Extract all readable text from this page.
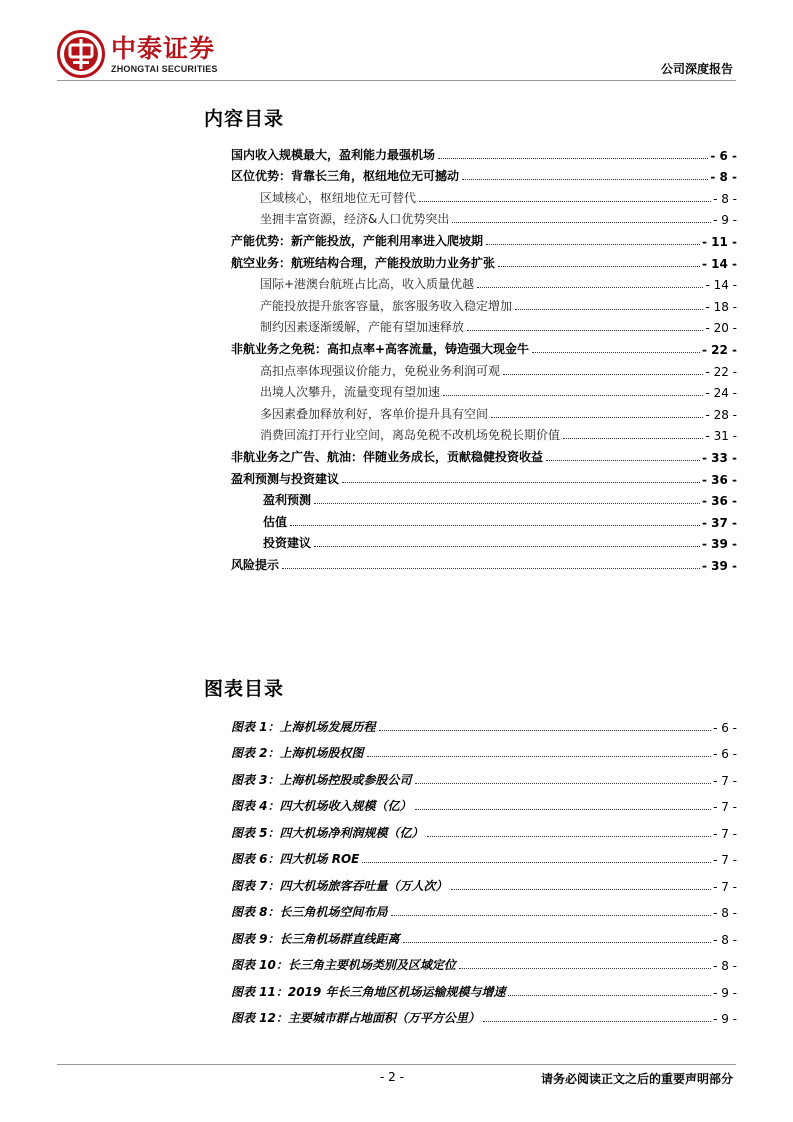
中泰证券
ZHONGTAI SECURITIES	公司深度报告
内容目录
国内收入规模最大，盈利能力最强机场	- 6 -
区位优势：背靠长三角，枢纽地位无可撼动	- 8 -
区域核心，枢纽地位无可替代	- 8 -
坐拥丰富资源，经济&人口优势突出	- 9 -
产能优势：新产能投放，产能利用率进入爬坡期	- 11 -
航空业务：航班结构合理，产能投放助力业务扩张	- 14 -
国际+港澳台航班占比高，收入质量优越	- 14 -
产能投放提升旅客容量，旅客服务收入稳定增加	- 18 -
制约因素逐渐缓解，产能有望加速释放	- 20 -
非航业务之免税：高扣点率+高客流量，铸造强大现金牛	- 22 -
高扣点率体现强议价能力，免税业务利润可观	- 22 -
出境人次攀升，流量变现有望加速	- 24 -
多因素叠加释放利好，客单价提升具有空间	- 28 -
消费回流打开行业空间，离岛免税不改机场免税长期价值	- 31 -
非航业务之广告、航油：伴随业务成长，贡献稳健投资收益	- 33 -
盈利预测与投资建议	- 36 -
盈利预测	- 36 -
估值	- 37 -
投资建议	- 39 -
风险提示	- 39 -
图表目录
图表 1：上海机场发展历程	- 6 -
图表 2：上海机场股权图	- 6 -
图表 3：上海机场控股或参股公司	- 7 -
图表 4：四大机场收入规模（亿）	- 7 -
图表 5：四大机场净利润规模（亿）	- 7 -
图表 6：四大机场 ROE	- 7 -
图表 7：四大机场旅客吞吐量（万人次）	- 7 -
图表 8：长三角机场空间布局	- 8 -
图表 9：长三角机场群直线距离	- 8 -
图表 10：长三角主要机场类别及区域定位	- 8 -
图表 11：2019 年长三角地区机场运输规模与增速	- 9 -
图表 12：主要城市群占地面积（万平方公里）	- 9 -
- 2 -	请务必阅读正文之后的重要声明部分
